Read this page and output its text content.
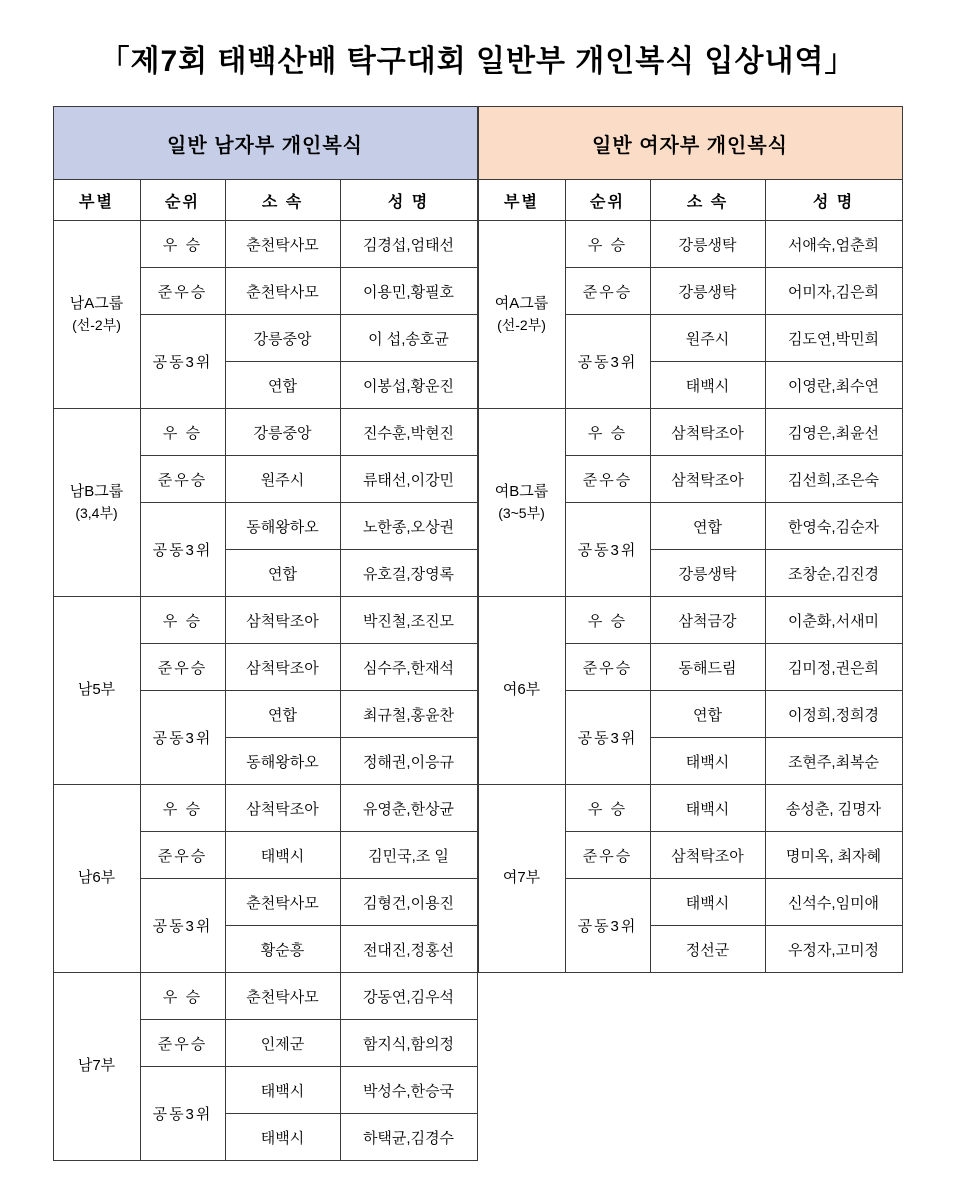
「제7회 태백산배 탁구대회 일반부 개인복식 입상내역」
일반 남자부 개인복식			
부별	순위	소 속	성 명

남A그룹
(선-2부)	우 승	춘천탁사모	김경섭,엄태선
	준우승	춘천탁사모	이용민,황필호
	공동3위	강릉중앙	이 섭,송호균
		연합	이봉섭,황운진

남B그룹
(3,4부)	우 승	강릉중앙	진수훈,박현진
	준우승	원주시	류태선,이강민
	공동3위	동해왕하오	노한종,오상권
		연합	유호걸,장영록

남5부	우 승	삼척탁조아	박진철,조진모
	준우승	삼척탁조아	심수주,한재석
	공동3위	연합	최규철,홍윤찬
		동해왕하오	정해권,이응규

남6부	우 승	삼척탁조아	유영춘,한상균
	준우승	태백시	김민국,조 일
	공동3위	춘천탁사모	김형건,이용진
		황순흥	전대진,정홍선

남7부	우 승	춘천탁사모	강동연,김우석
	준우승	인제군	함지식,함의정
	공동3위	태백시	박성수,한승국
		태백시	하택균,김경수
일반 여자부 개인복식			
부별	순위	소 속	성 명

여A그룹
(선-2부)	우 승	강릉생탁	서애숙,엄춘희
	준우승	강릉생탁	어미자,김은희
	공동3위	원주시	김도연,박민희
		태백시	이영란,최수연

여B그룹
(3~5부)	우 승	삼척탁조아	김영은,최윤선
	준우승	삼척탁조아	김선희,조은숙
	공동3위	연합	한영숙,김순자
		강릉생탁	조창순,김진경

여6부	우 승	삼척금강	이춘화,서새미
	준우승	동해드림	김미정,권은희
	공동3위	연합	이정희,정희경
		태백시	조현주,최복순

여7부	우 승	태백시	송성춘, 김명자
	준우승	삼척탁조아	명미옥, 최자혜
	공동3위	태백시	신석수,임미애
		정선군	우정자,고미정
